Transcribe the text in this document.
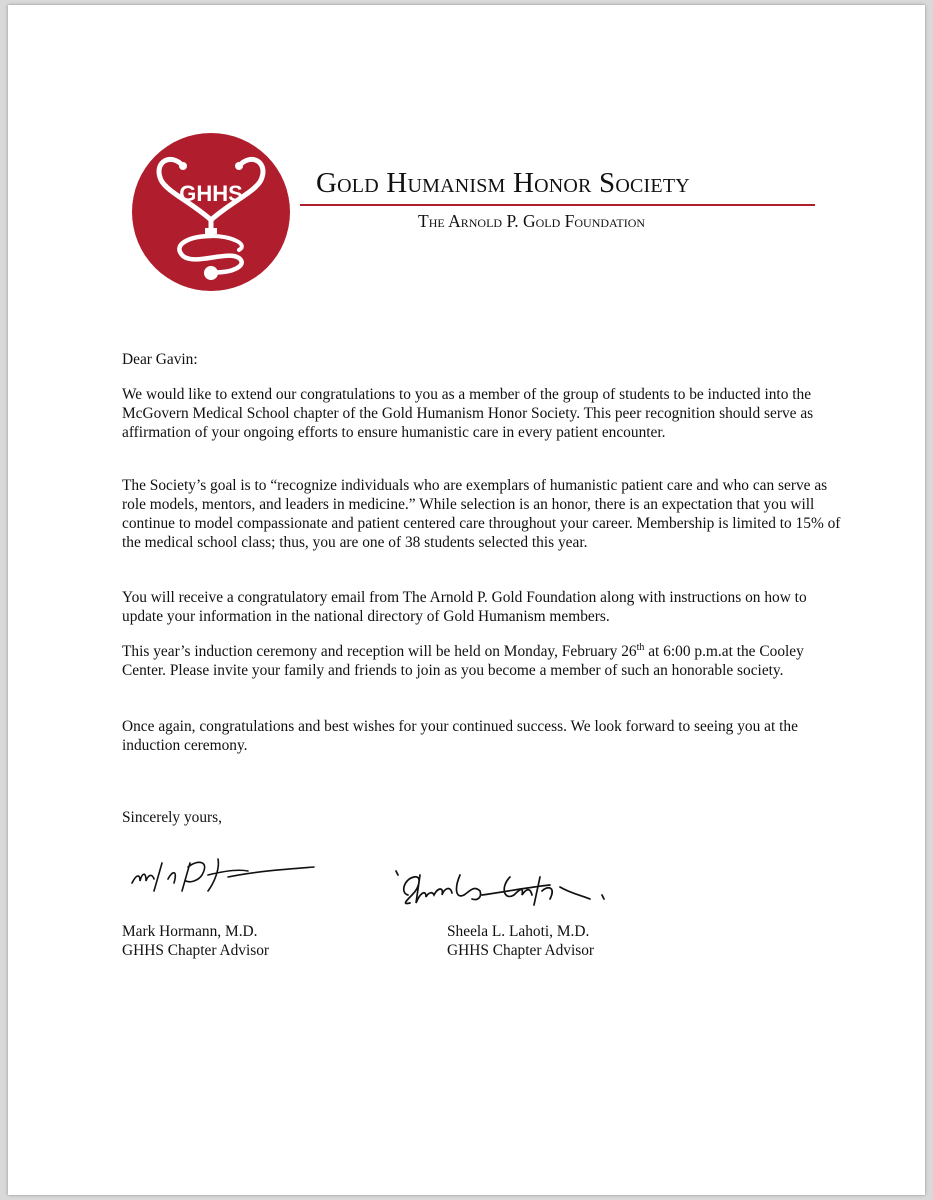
GHHS	Gold Humanism Honor Society
The Arnold P. Gold Foundation

Dear Gavin:

We would like to extend our congratulations to you as a member of the group of students to be inducted into the McGovern Medical School chapter of the Gold Humanism Honor Society. This peer recognition should serve as affirmation of your ongoing efforts to ensure humanistic care in every patient encounter.

The Society’s goal is to “recognize individuals who are exemplars of humanistic patient care and who can serve as role models, mentors, and leaders in medicine.” While selection is an honor, there is an expectation that you will continue to model compassionate and patient centered care throughout your career. Membership is limited to 15% of the medical school class; thus, you are one of 38 students selected this year.

You will receive a congratulatory email from The Arnold P. Gold Foundation along with instructions on how to update your information in the national directory of Gold Humanism members.

This year’s induction ceremony and reception will be held on Monday, February 26th at 6:00 p.m.at the Cooley Center. Please invite your family and friends to join as you become a member of such an honorable society.

Once again, congratulations and best wishes for your continued success. We look forward to seeing you at the induction ceremony.

Sincerely yours,

Mark Hormann, M.D.
GHHS Chapter Advisor
Sheela L. Lahoti, M.D.
GHHS Chapter Advisor
